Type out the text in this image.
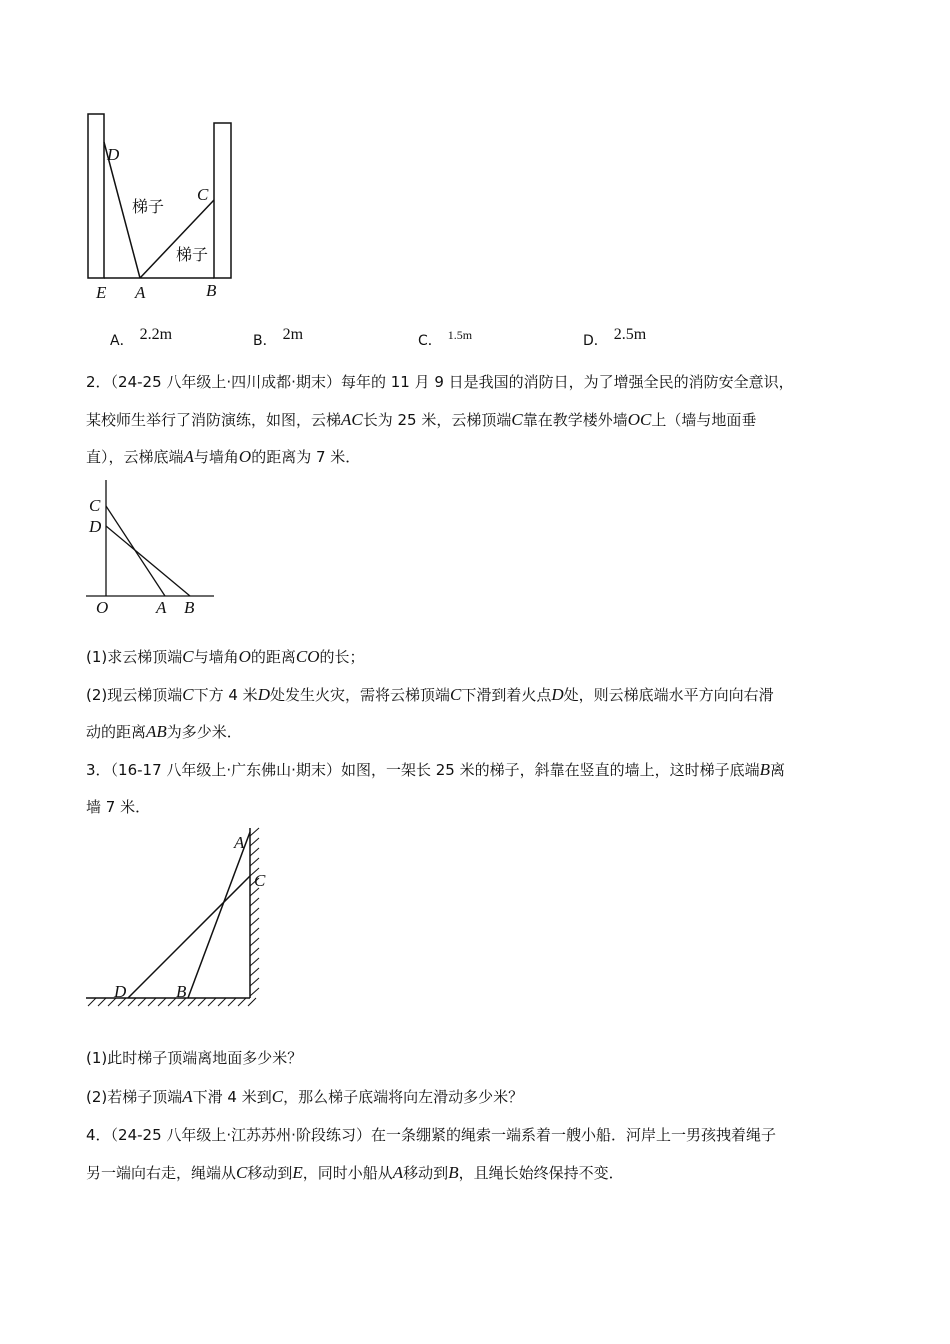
D
C
梯子
梯子
E A	B
A． 2.2m	B． 2m	C． $^{1.5m}$	D． 2.5m
2．（24-25 八年级上·四川成都·期末）每年的 11 月 9 日是我国的消防日，为了增强全民的消防安全意识，
某校师生举行了消防演练，如图，云梯AC长为 25 米，云梯顶端C靠在教学楼外墙OC上（墙与地面垂
直），云梯底端A与墙角O的距离为 7 米．
C
D
O	A B
(1)求云梯顶端C与墙角O的距离CO的长；
(2)现云梯顶端C下方 4 米D处发生火灾，需将云梯顶端C下滑到着火点D处，则云梯底端水平方向向右滑
动的距离AB为多少米．
3．（16-17 八年级上·广东佛山·期末）如图，一架长 25 米的梯子，斜靠在竖直的墙上，这时梯子底端B离
墙 7 米．
A
C
D	B
(1)此时梯子顶端离地面多少米？
(2)若梯子顶端A下滑 4 米到C，那么梯子底端将向左滑动多少米？
4．（24-25 八年级上·江苏苏州·阶段练习）在一条绷紧的绳索一端系着一艘小船．河岸上一男孩拽着绳子
另一端向右走，绳端从C移动到E，同时小船从A移动到B，且绳长始终保持不变．
